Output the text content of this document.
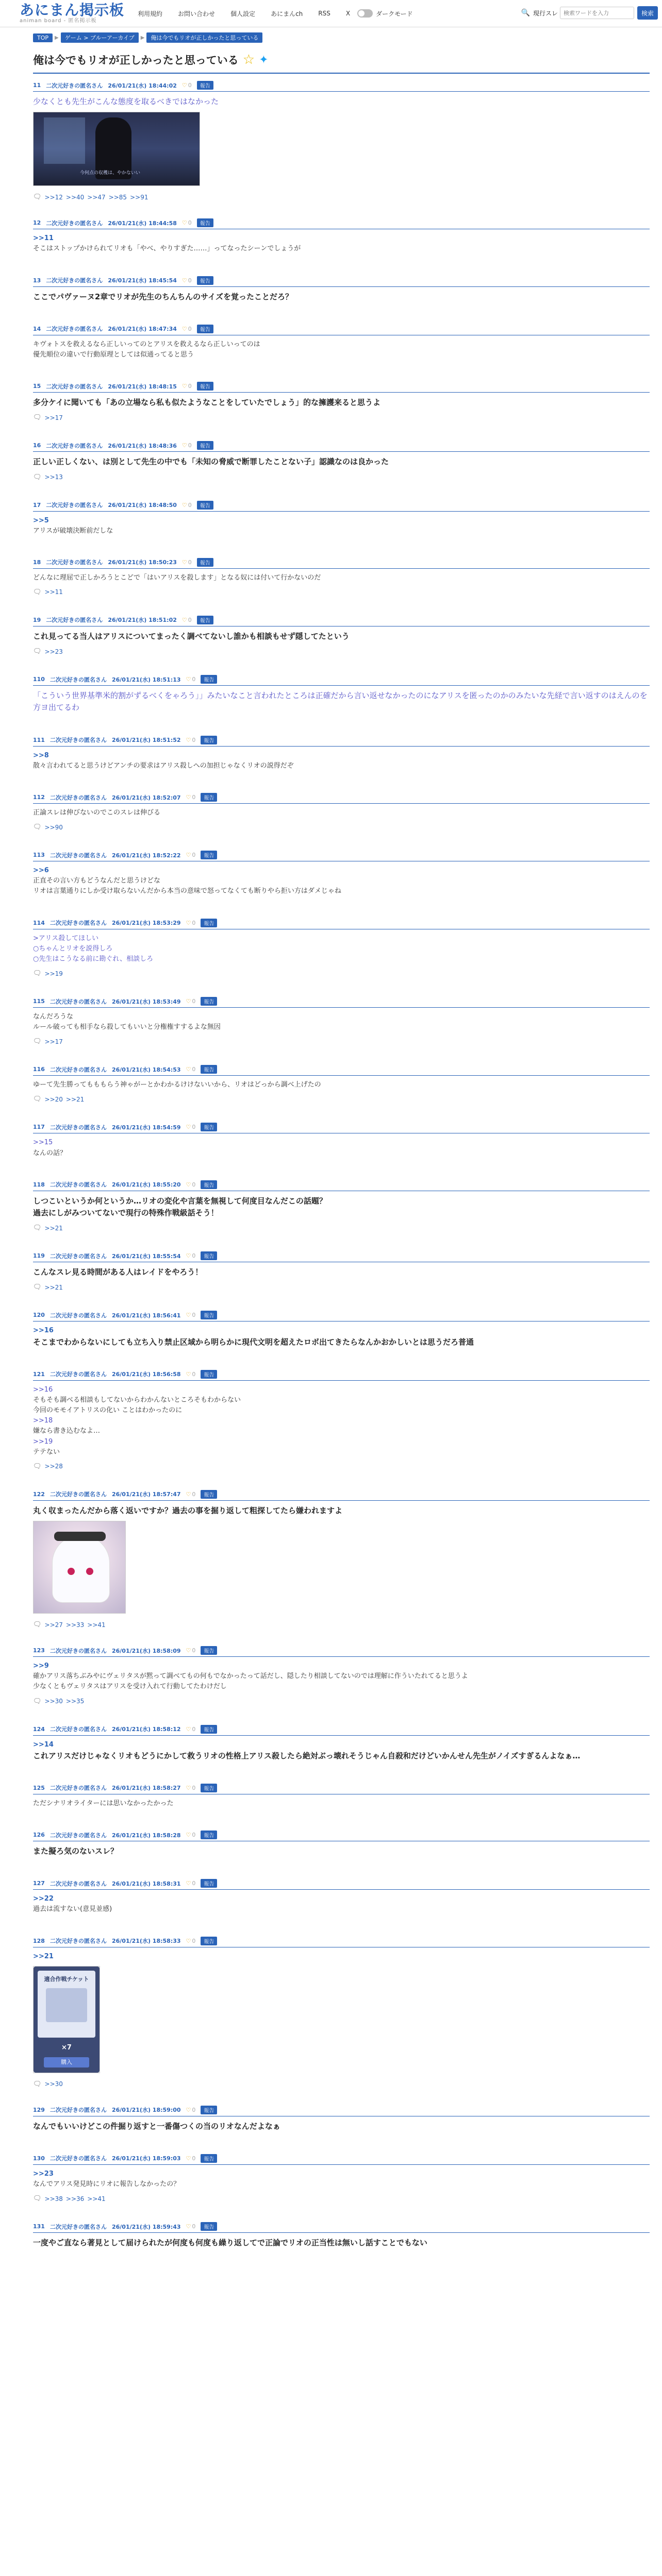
あにまん掲示板
animan board - 匿名掲示板
利用規約	お問い合わせ	個人設定	あにまんch	RSS	X	ダークモード	🔍 現行スレ
検索ワードを入力	検索
TOP	▶	ゲーム > ブルーアーカイブ	▶	俺は今でもリオが正しかったと思っている
俺は今でもリオが正しかったと思っている ☆ ✦
11 二次元好きの匿名さん 26/01/21(水) 18:44:02 ♡ 0	報告
少なくとも先生がこんな態度を取るべきではなかった
今何点の収穫は、やかないい
🗨 >>12 >>40 >>47 >>85 >>91
12 二次元好きの匿名さん 26/01/21(水) 18:44:58 ♡ 0	報告
>>11
そこはストップかけられてリオも「やべ、やりすぎた……」ってなったシーンでしょうが
13 二次元好きの匿名さん 26/01/21(水) 18:45:54 ♡ 0	報告
ここでパヴァーヌ2章でリオが先生のちんちんのサイズを覚ったことだろ？
14 二次元好きの匿名さん 26/01/21(水) 18:47:34 ♡ 0	報告
キヴォトスを救えるなら正しいってのとアリスを救えるなら正しいってのは
優先順位の違いで行動原理としては似通ってると思う
15 二次元好きの匿名さん 26/01/21(水) 18:48:15 ♡ 0	報告
多分ケイに聞いても「あの立場なら私も似たようなことをしていたでしょう」的な擁護来ると思うよ
🗨 >>17
16 二次元好きの匿名さん 26/01/21(水) 18:48:36 ♡ 0	報告
正しい正しくない、は別として先生の中でも「未知の脅威で断罪したことない子」認識なのは良かった
🗨 >>13
17 二次元好きの匿名さん 26/01/21(水) 18:48:50 ♡ 0	報告
>>5
アリスが破壊決断前だしな
18 二次元好きの匿名さん 26/01/21(水) 18:50:23 ♡ 0	報告
どんなに理屈で正しかろうとこどで「はいアリスを殺します」となる奴には付いて行かないのだ
🗨 >>11
19 二次元好きの匿名さん 26/01/21(水) 18:51:02 ♡ 0	報告
これ見ってる当人はアリスについてまったく調べてないし誰かも相談もせず隠してたという
🗨 >>23
110 二次元好きの匿名さん 26/01/21(水) 18:51:13 ♡ 0	報告
「こういう世界基準米的割がずるべくをゃろう」」みたいなこと言われたところは正確だから言い返せなかったのになアリスを匿ったのかのみたいな先経で言い返すのはえんのを方ヨ出てるわ
111 二次元好きの匿名さん 26/01/21(水) 18:51:52 ♡ 0	報告
>>8
散々言われてると思うけどアンチの要求はアリス殺しへの加担じゃなくリオの説得だぞ
112 二次元好きの匿名さん 26/01/21(水) 18:52:07 ♡ 0	報告
正論スレは伸びないのでこのスレは伸びる
🗨 >>90
113 二次元好きの匿名さん 26/01/21(水) 18:52:22 ♡ 0	報告
>>6
正直その言い方もどうなんだと思うけどな
リオは言葉通りにしか受け取らないんだから本当の意味で怒ってなくても断りやら拒い方はダメじゃね
114 二次元好きの匿名さん 26/01/21(水) 18:53:29 ♡ 0	報告
>アリス殺してほしい
○ちゃんとリオを説得しろ
○先生はこうなる前に勘ぐれ、相談しろ
🗨 >>19
115 二次元好きの匿名さん 26/01/21(水) 18:53:49 ♡ 0	報告
なんだろうな
ルール破っても相手なら殺してもいいと分権権すするよな無因
🗨 >>17
116 二次元好きの匿名さん 26/01/21(水) 18:54:53 ♡ 0	報告
ゆーて先生勝ってもももらう神ゃがーとかわかるけけないいから、リオはどっから調べ上げたの
🗨 >>20 >>21
117 二次元好きの匿名さん 26/01/21(水) 18:54:59 ♡ 0	報告
>>15
なんの話？
118 二次元好きの匿名さん 26/01/21(水) 18:55:20 ♡ 0	報告
しつこいというか何というか…リオの変化や言葉を無視して何度目なんだこの話題？
過去にしがみついてないで現行の特殊作戦級話そう！
🗨 >>21
119 二次元好きの匿名さん 26/01/21(水) 18:55:54 ♡ 0	報告
こんなスレ見る時間がある人はレイドをやろう！
🗨 >>21
120 二次元好きの匿名さん 26/01/21(水) 18:56:41 ♡ 0	報告
>>16
そこまでわからないにしても立ち入り禁止区域から明らかに現代文明を超えたロボ出てきたらなんかおかしいとは思うだろ普通
121 二次元好きの匿名さん 26/01/21(水) 18:56:58 ♡ 0	報告
>>16
そもそも調べる相談もしてないからわかんないところそもわからない
今回のモモイアトリスの化い ことはわかったのに
>>18
嫌なら書き込むなよ…
>>19
テテない
🗨 >>28
122 二次元好きの匿名さん 26/01/21(水) 18:57:47 ♡ 0	報告
丸く収まったんだから落く返いですか？過去の事を掘り返して粗探してたら嫌われますよ
🗨 >>27 >>33 >>41
123 二次元好きの匿名さん 26/01/21(水) 18:58:09 ♡ 0	報告
>>9
確かアリス落ちぶみやにヴェリタスが黙って調べてもの何もでなかったって話だし、隠したり相談してないのでは理解に作ういたれてると思うよ
少なくともヴェリタスはアリスを受け入れて行動してたわけだし
🗨 >>30 >>35
124 二次元好きの匿名さん 26/01/21(水) 18:58:12 ♡ 0	報告
>>14
これアリスだけじゃなくリオもどうにかして救うリオの性格上アリス殺したら絶対ぶっ壊れそうじゃん自殺和だけどいかんせん先生がノイズすぎるんよなぁ…
125 二次元好きの匿名さん 26/01/21(水) 18:58:27 ♡ 0	報告
ただシナリオライターには思いなかったかった
126 二次元好きの匿名さん 26/01/21(水) 18:58:28 ♡ 0	報告
また擬ろ気のないスレ？
127 二次元好きの匿名さん 26/01/21(水) 18:58:31 ♡ 0	報告
>>22
過去は流すない(意見並感)
128 二次元好きの匿名さん 26/01/21(水) 18:58:33 ♡ 0	報告
>>21
適合作戦チケット
×7
購入
🗨 >>30
129 二次元好きの匿名さん 26/01/21(水) 18:59:00 ♡ 0	報告
なんでもいいけどこの件掘り返すと一番傷つくの当のリオなんだよなぁ
130 二次元好きの匿名さん 26/01/21(水) 18:59:03 ♡ 0	報告
>>23
なんでアリス発見時にリオに報告しなかったの？
🗨 >>38 >>36 >>41
131 二次元好きの匿名さん 26/01/21(水) 18:59:43 ♡ 0	報告
一度やご直なら著見として届けられたが何度も何度も繰り返してで正論でリオの正当性は無いし話すことでもない
